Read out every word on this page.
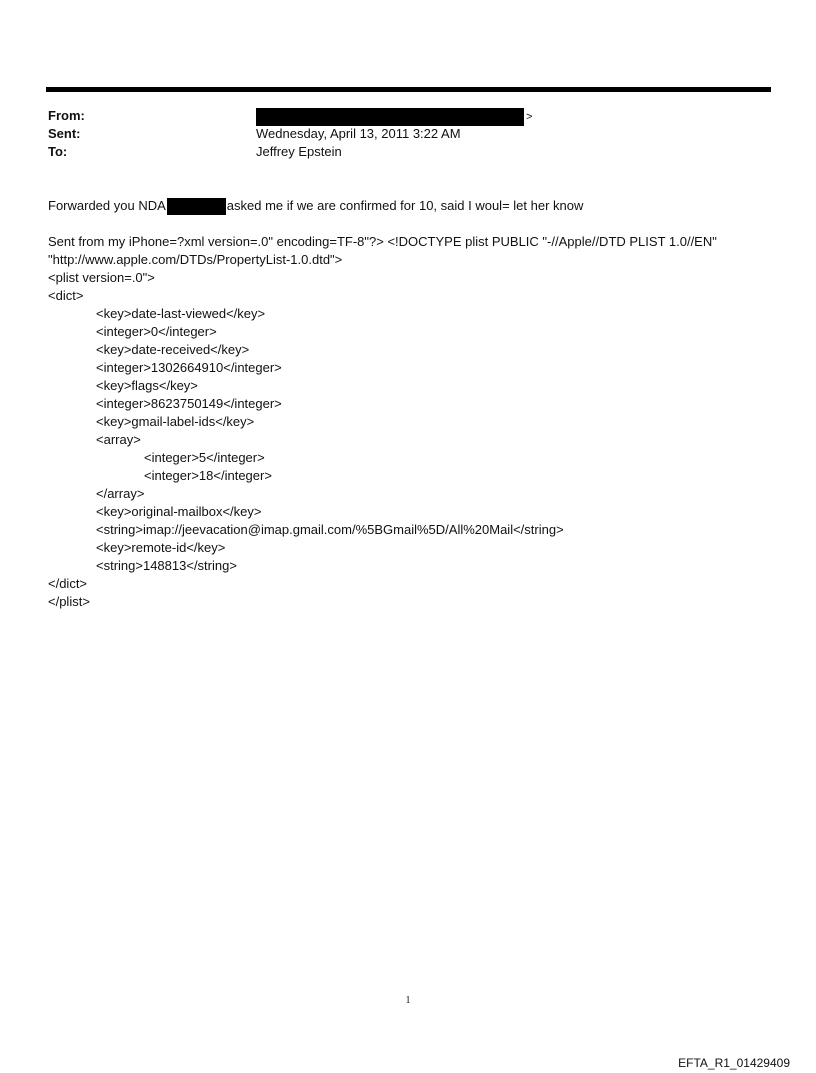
From:	>
Sent:	Wednesday, April 13, 2011 3:22 AM
To:	Jeffrey Epstein
Forwarded you NDA	asked me if we are confirmed for 10, said I woul= let her know
Sent from my iPhone=?xml version=.0" encoding=TF-8"?> <!DOCTYPE plist PUBLIC "-//Apple//DTD PLIST 1.0//EN"
"http://www.apple.com/DTDs/PropertyList-1.0.dtd">
<plist version=.0">
<dict>
<key>date-last-viewed</key>
<integer>0</integer>
<key>date-received</key>
<integer>1302664910</integer>
<key>flags</key>
<integer>8623750149</integer>
<key>gmail-label-ids</key>
<array>
<integer>5</integer>
<integer>18</integer>
</array>
<key>original-mailbox</key>
<string>imap://jeevacation@imap.gmail.com/%5BGmail%5D/All%20Mail</string>
<key>remote-id</key>
<string>148813</string>
</dict>
</plist>
1
EFTA_R1_01429409
